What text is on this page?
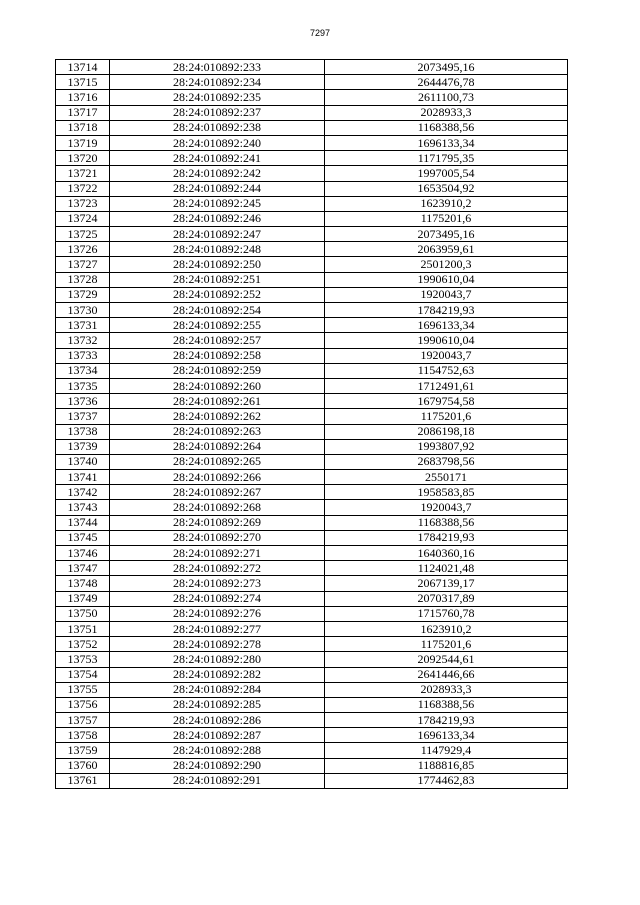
7297
13714	28:24:010892:233	2073495,16
13715	28:24:010892:234	2644476,78
13716	28:24:010892:235	2611100,73
13717	28:24:010892:237	2028933,3
13718	28:24:010892:238	1168388,56
13719	28:24:010892:240	1696133,34
13720	28:24:010892:241	1171795,35
13721	28:24:010892:242	1997005,54
13722	28:24:010892:244	1653504,92
13723	28:24:010892:245	1623910,2
13724	28:24:010892:246	1175201,6
13725	28:24:010892:247	2073495,16
13726	28:24:010892:248	2063959,61
13727	28:24:010892:250	2501200,3
13728	28:24:010892:251	1990610,04
13729	28:24:010892:252	1920043,7
13730	28:24:010892:254	1784219,93
13731	28:24:010892:255	1696133,34
13732	28:24:010892:257	1990610,04
13733	28:24:010892:258	1920043,7
13734	28:24:010892:259	1154752,63
13735	28:24:010892:260	1712491,61
13736	28:24:010892:261	1679754,58
13737	28:24:010892:262	1175201,6
13738	28:24:010892:263	2086198,18
13739	28:24:010892:264	1993807,92
13740	28:24:010892:265	2683798,56
13741	28:24:010892:266	2550171
13742	28:24:010892:267	1958583,85
13743	28:24:010892:268	1920043,7
13744	28:24:010892:269	1168388,56
13745	28:24:010892:270	1784219,93
13746	28:24:010892:271	1640360,16
13747	28:24:010892:272	1124021,48
13748	28:24:010892:273	2067139,17
13749	28:24:010892:274	2070317,89
13750	28:24:010892:276	1715760,78
13751	28:24:010892:277	1623910,2
13752	28:24:010892:278	1175201,6
13753	28:24:010892:280	2092544,61
13754	28:24:010892:282	2641446,66
13755	28:24:010892:284	2028933,3
13756	28:24:010892:285	1168388,56
13757	28:24:010892:286	1784219,93
13758	28:24:010892:287	1696133,34
13759	28:24:010892:288	1147929,4
13760	28:24:010892:290	1188816,85
13761	28:24:010892:291	1774462,83
